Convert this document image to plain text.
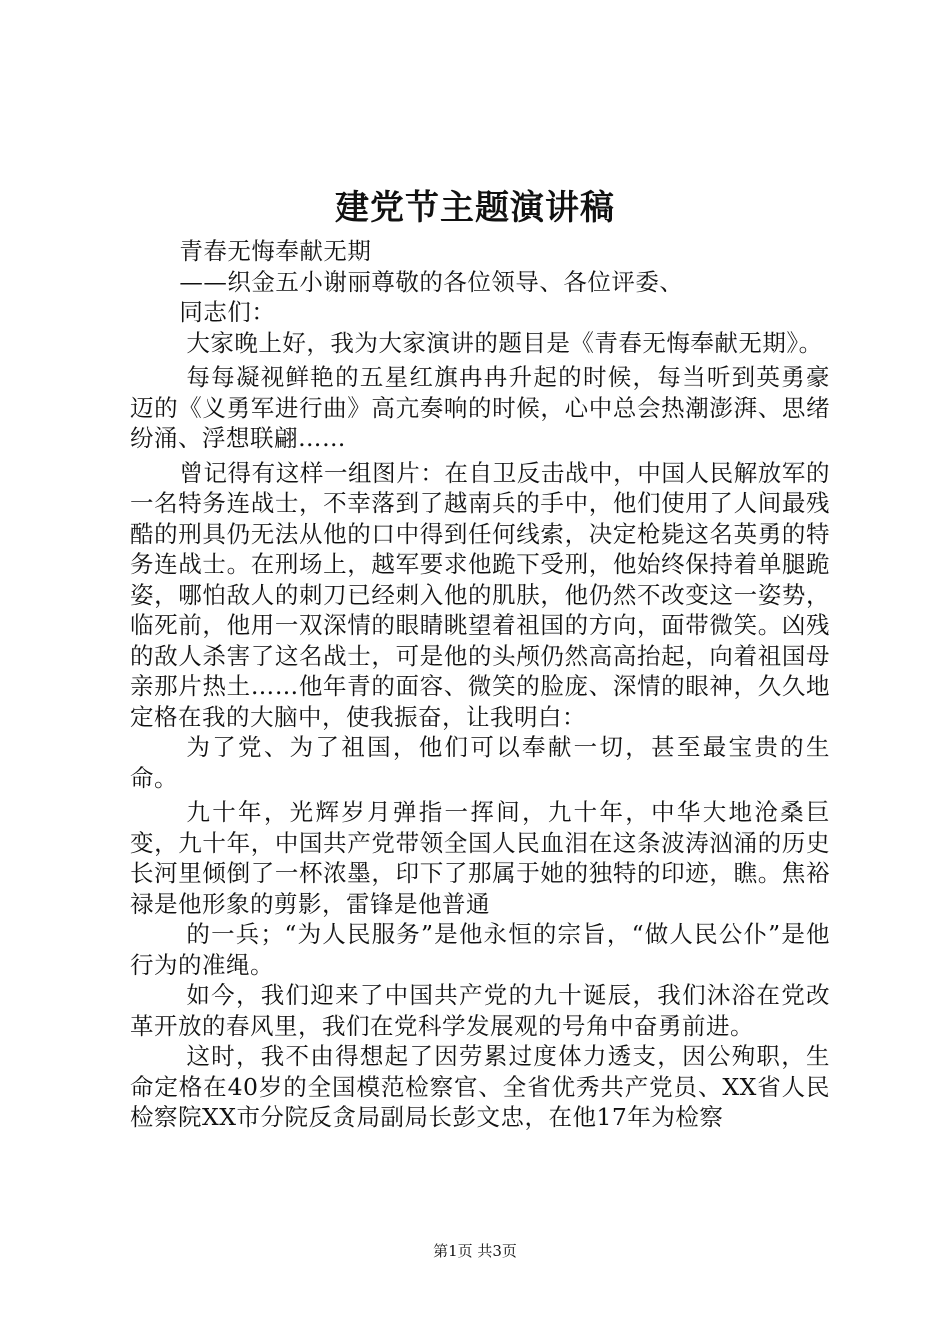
建党节主题演讲稿

青春无悔奉献无期

——织金五小谢丽尊敬的各位领导、各位评委、

同志们：

大家晚上好，我为大家演讲的题目是《青春无悔奉献无期》。

每每凝视鲜艳的五星红旗冉冉升起的时候，每当听到英勇豪迈的《义勇军进行曲》高亢奏响的时候，心中总会热潮澎湃、思绪纷涌、浮想联翩……

曾记得有这样一组图片：在自卫反击战中，中国人民解放军的一名特务连战士，不幸落到了越南兵的手中，他们使用了人间最残酷的刑具仍无法从他的口中得到任何线索，决定枪毙这名英勇的特务连战士。在刑场上，越军要求他跪下受刑，他始终保持着单腿跪姿，哪怕敌人的刺刀已经刺入他的肌肤，他仍然不改变这一姿势，临死前，他用一双深情的眼睛眺望着祖国的方向，面带微笑。凶残的敌人杀害了这名战士，可是他的头颅仍然高高抬起，向着祖国母亲那片热土……他年青的面容、微笑的脸庞、深情的眼神，久久地定格在我的大脑中，使我振奋，让我明白：

为了党、为了祖国，他们可以奉献一切，甚至最宝贵的生命。

九十年，光辉岁月弹指一挥间，九十年，中华大地沧桑巨变，九十年，中国共产党带领全国人民血泪在这条波涛汹涌的历史长河里倾倒了一杯浓墨，印下了那属于她的独特的印迹，瞧。焦裕禄是他形象的剪影，雷锋是他普通

的一兵；“为人民服务”是他永恒的宗旨，“做人民公仆”是他行为的准绳。

如今，我们迎来了中国共产党的九十诞辰，我们沐浴在党改革开放的春风里，我们在党科学发展观的号角中奋勇前进。

这时，我不由得想起了因劳累过度体力透支，因公殉职，生命定格在40岁的全国模范检察官、全省优秀共产党员、XX省人民检察院XX市分院反贪局副局长彭文忠，在他17年为检察

第1页 共3页
